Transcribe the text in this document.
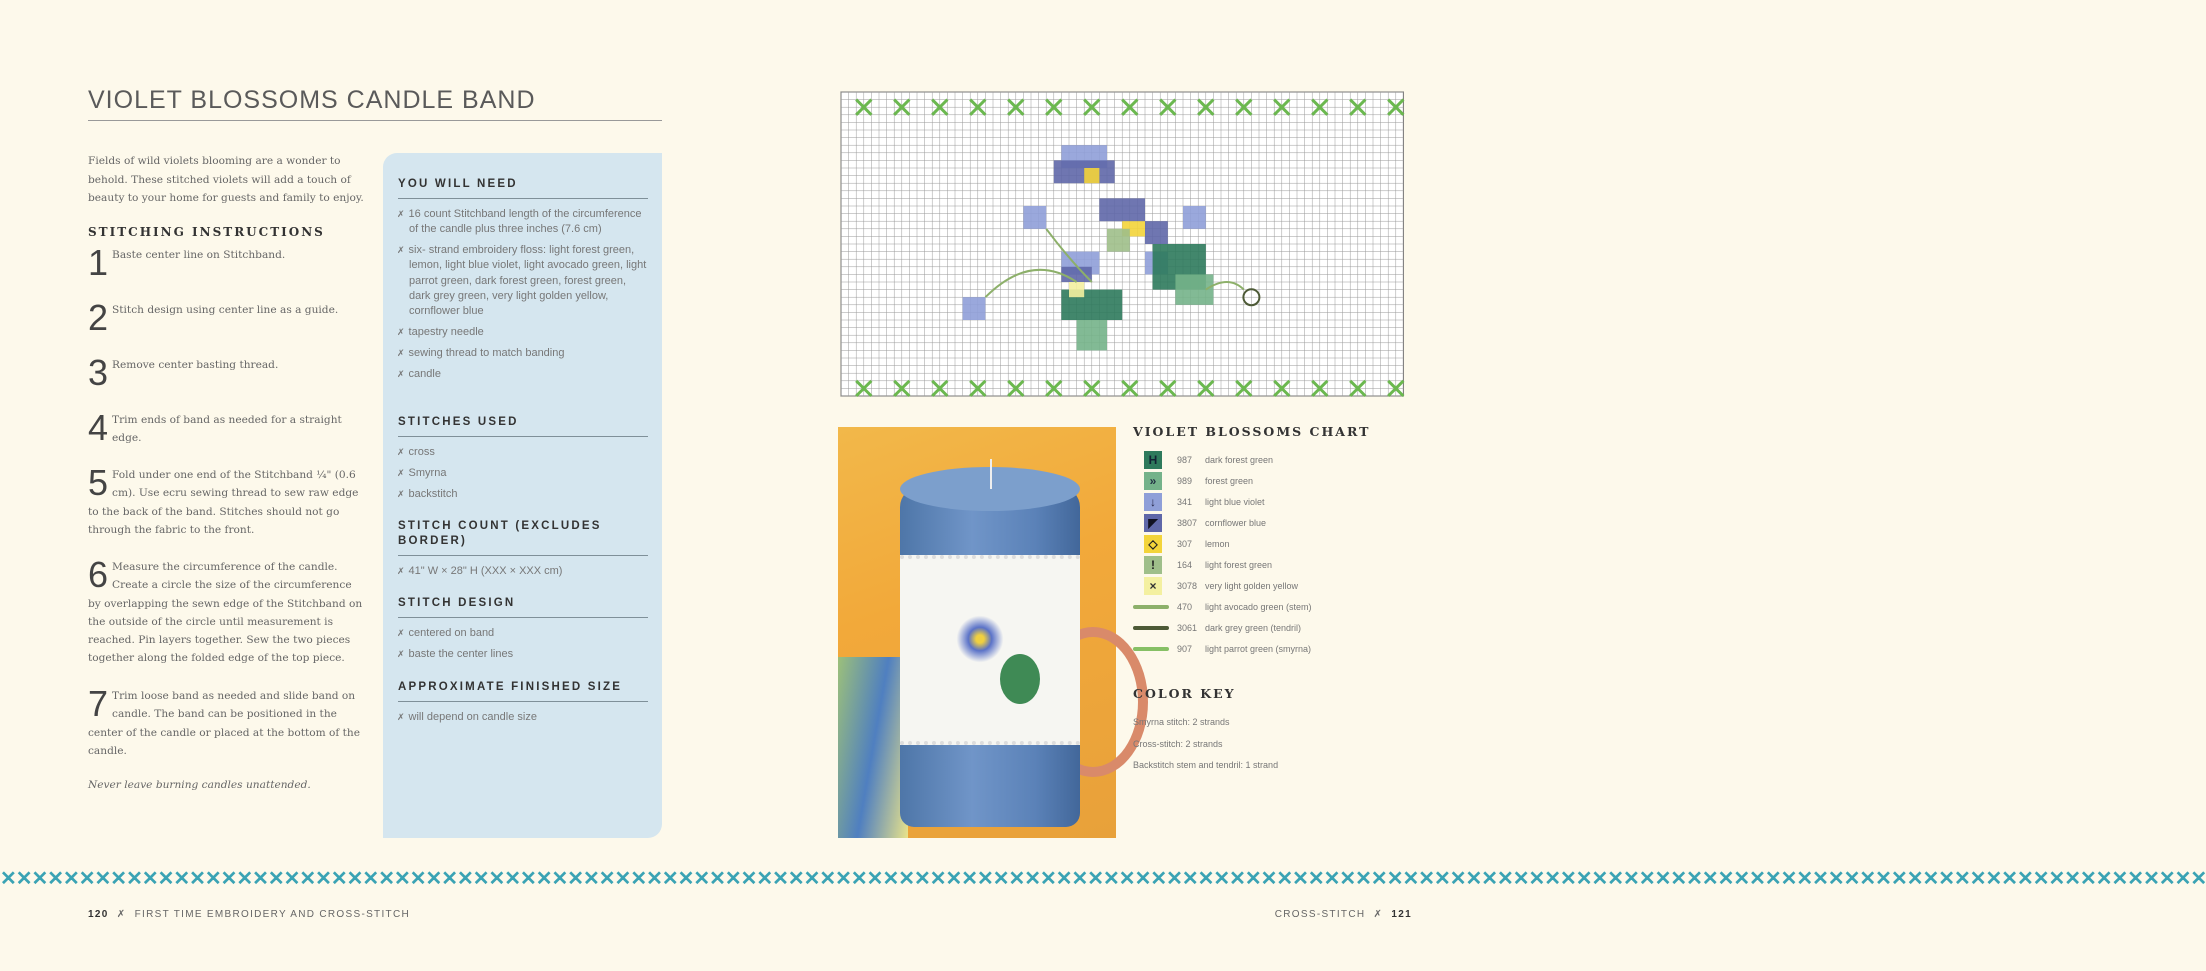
VIOLET BLOSSOMS CANDLE BAND
Fields of wild violets blooming are a wonder to behold. These stitched violets will add a touch of beauty to your home for guests and family to enjoy.
STITCHING INSTRUCTIONS
1 Baste center line on Stitchband.
2 Stitch design using center line as a guide.
3 Remove center basting thread.
4 Trim ends of band as needed for a straight edge.
5 Fold under one end of the Stitchband ¼" (0.6 cm). Use ecru sewing thread to sew raw edge to the back of the band. Stitches should not go through the fabric to the front.
6 Measure the circumference of the candle. Create a circle the size of the circumference by overlapping the sewn edge of the Stitchband on the outside of the circle until measurement is reached. Pin layers together. Sew the two pieces together along the folded edge of the top piece.
7 Trim loose band as needed and slide band on candle. The band can be positioned in the center of the candle or placed at the bottom of the candle.
Never leave burning candles unattended.
YOU WILL NEED
✗ 16 count Stitchband length of the circumference of the candle plus three inches (7.6 cm)
✗ six- strand embroidery floss: light forest green, lemon, light blue violet, light avocado green, light parrot green, dark forest green, forest green, dark grey green, very light golden yellow, cornflower blue
✗ tapestry needle
✗ sewing thread to match banding
✗ candle
STITCHES USED
✗ cross
✗ Smyrna
✗ backstitch
STITCH COUNT (EXCLUDES BORDER)
✗ 41" W × 28" H (XXX × XXX cm)
STITCH DESIGN
✗ centered on band
✗ baste the center lines
APPROXIMATE FINISHED SIZE
✗ will depend on candle size
VIOLET BLOSSOMS CHART
H	987 dark forest green
»	989 forest green
↓	341 light blue violet
◤	3807 cornflower blue
◇	307 lemon
!	164 light forest green
×	3078 very light golden yellow
470 light avocado green (stem)
3061 dark grey green (tendril)
907 light parrot green (smyrna)
COLOR KEY
Smyrna stitch: 2 strands
Cross-stitch: 2 strands
Backstitch stem and tendril: 1 strand
✕✕✕✕✕✕✕✕✕✕✕✕✕✕✕✕✕✕✕✕✕✕✕✕✕✕✕✕✕✕✕✕✕✕✕✕✕✕✕✕✕✕✕✕✕✕✕✕✕✕✕✕✕✕✕✕✕✕✕✕✕✕✕✕✕✕✕✕✕✕✕✕✕✕✕✕✕✕✕✕✕✕✕✕✕✕✕✕✕✕✕✕✕✕✕✕✕✕✕✕✕✕✕✕✕✕✕✕✕✕✕✕✕✕✕✕✕✕✕✕✕✕✕✕✕✕✕✕✕✕✕✕✕✕✕✕✕✕✕✕
120  ✗  FIRST TIME EMBROIDERY AND CROSS-STITCH	CROSS-STITCH  ✗  121
